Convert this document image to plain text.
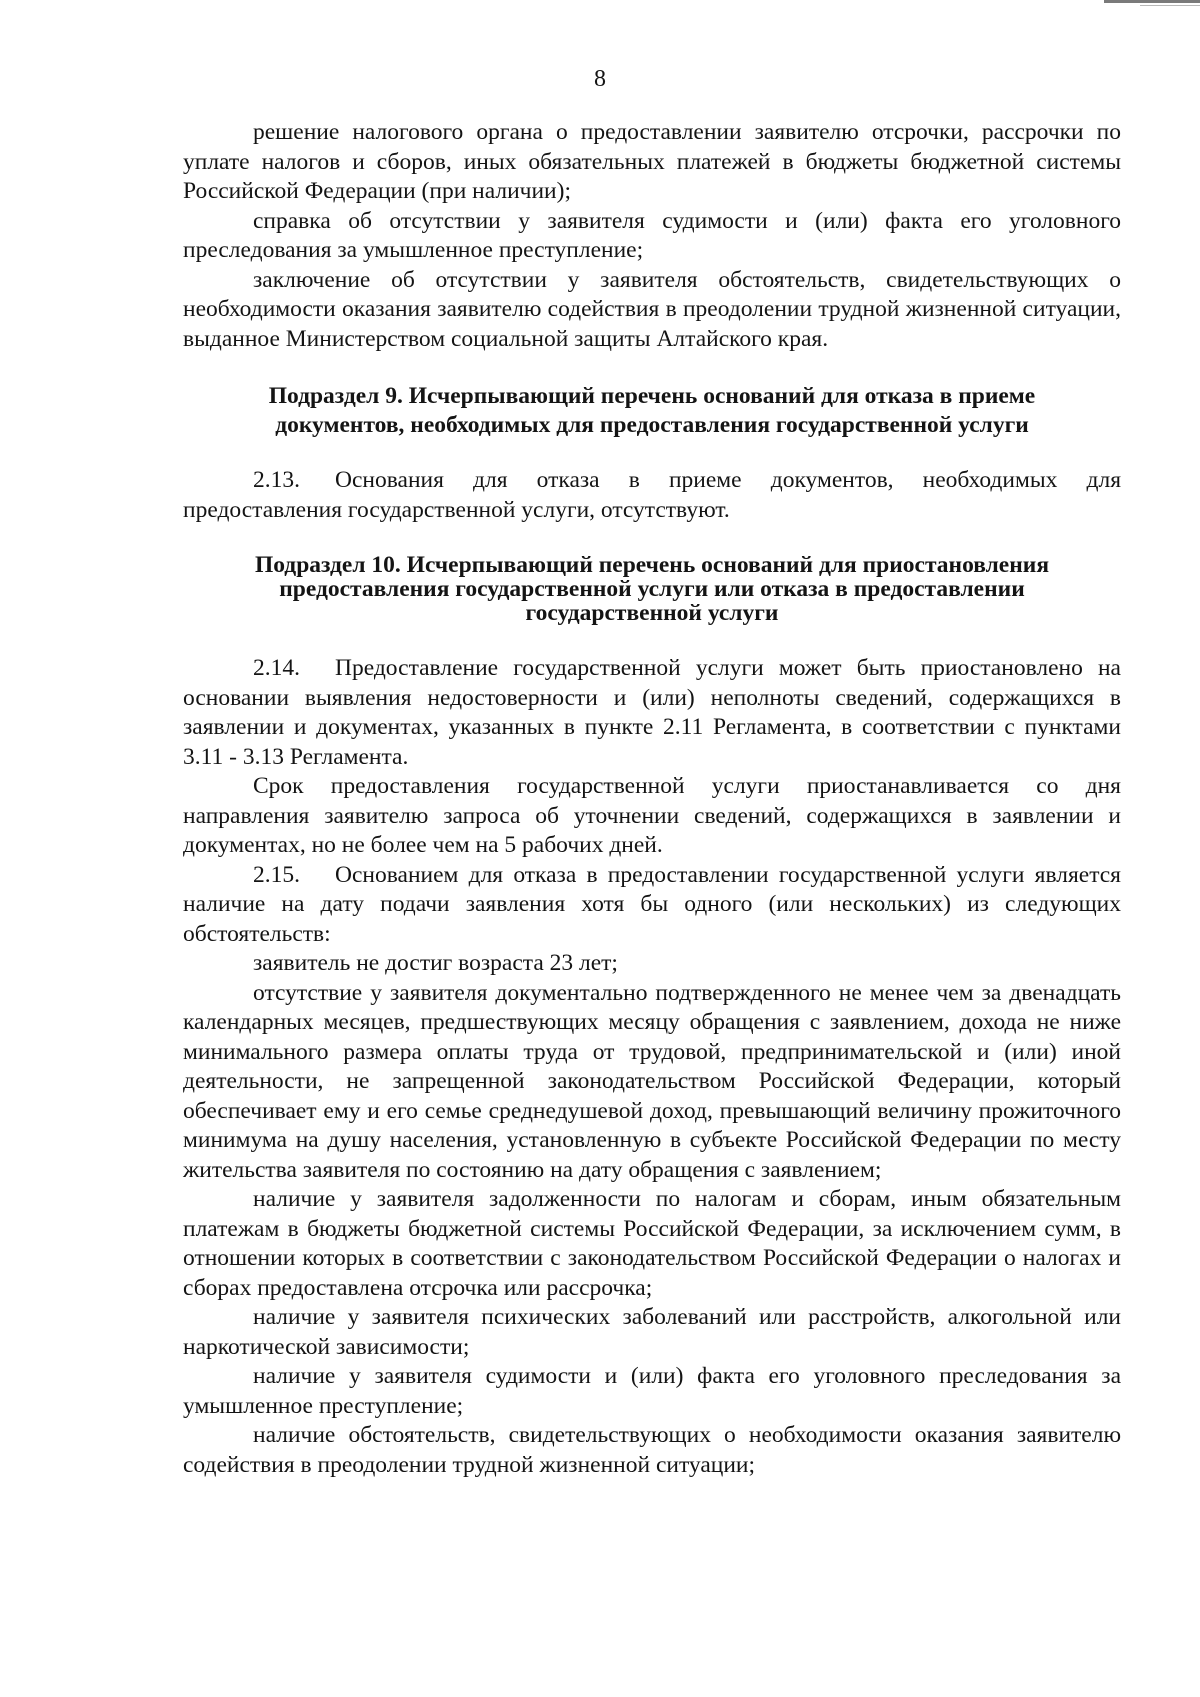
8

решение налогового органа о предоставлении заявителю отсрочки, рассрочки по уплате налогов и сборов, иных обязательных платежей в бюджеты бюджетной системы Российской Федерации (при наличии);

справка об отсутствии у заявителя судимости и (или) факта его уголовного преследования за умышленное преступление;

заключение об отсутствии у заявителя обстоятельств, свидетельствующих о необходимости оказания заявителю содействия в преодолении трудной жизненной ситуации, выданное Министерством социальной защиты Алтайского края.

Подраздел 9. Исчерпывающий перечень оснований для отказа в приеме

документов, необходимых для предоставления государственной услуги

2.13. Основания для отказа в приеме документов, необходимых для предоставления государственной услуги, отсутствуют.

Подраздел 10. Исчерпывающий перечень оснований для приостановления

предоставления государственной услуги или отказа в предоставлении

государственной услуги

2.14. Предоставление государственной услуги может быть приостановлено на основании выявления недостоверности и (или) неполноты сведений, содержащихся в заявлении и документах, указанных в пункте 2.11 Регламента, в соответствии с пунктами 3.11 - 3.13 Регламента.

Срок предоставления государственной услуги приостанавливается со дня направления заявителю запроса об уточнении сведений, содержащихся в заявлении и документах, но не более чем на 5 рабочих дней.

2.15. Основанием для отказа в предоставлении государственной услуги является наличие на дату подачи заявления хотя бы одного (или нескольких) из следующих обстоятельств:

заявитель не достиг возраста 23 лет;

отсутствие у заявителя документально подтвержденного не менее чем за двенадцать календарных месяцев, предшествующих месяцу обращения с заявлением, дохода не ниже минимального размера оплаты труда от трудовой, предпринимательской и (или) иной деятельности, не запрещенной законодательством Российской Федерации, который обеспечивает ему и его семье среднедушевой доход, превышающий величину прожиточного минимума на душу населения, установленную в субъекте Российской Федерации по месту жительства заявителя по состоянию на дату обращения с заявлением;

наличие у заявителя задолженности по налогам и сборам, иным обязательным платежам в бюджеты бюджетной системы Российской Федерации, за исключением сумм, в отношении которых в соответствии с законодательством Российской Федерации о налогах и сборах предоставлена отсрочка или рассрочка;

наличие у заявителя психических заболеваний или расстройств, алкогольной или наркотической зависимости;

наличие у заявителя судимости и (или) факта его уголовного преследования за умышленное преступление;

наличие обстоятельств, свидетельствующих о необходимости оказания заявителю содействия в преодолении трудной жизненной ситуации;
